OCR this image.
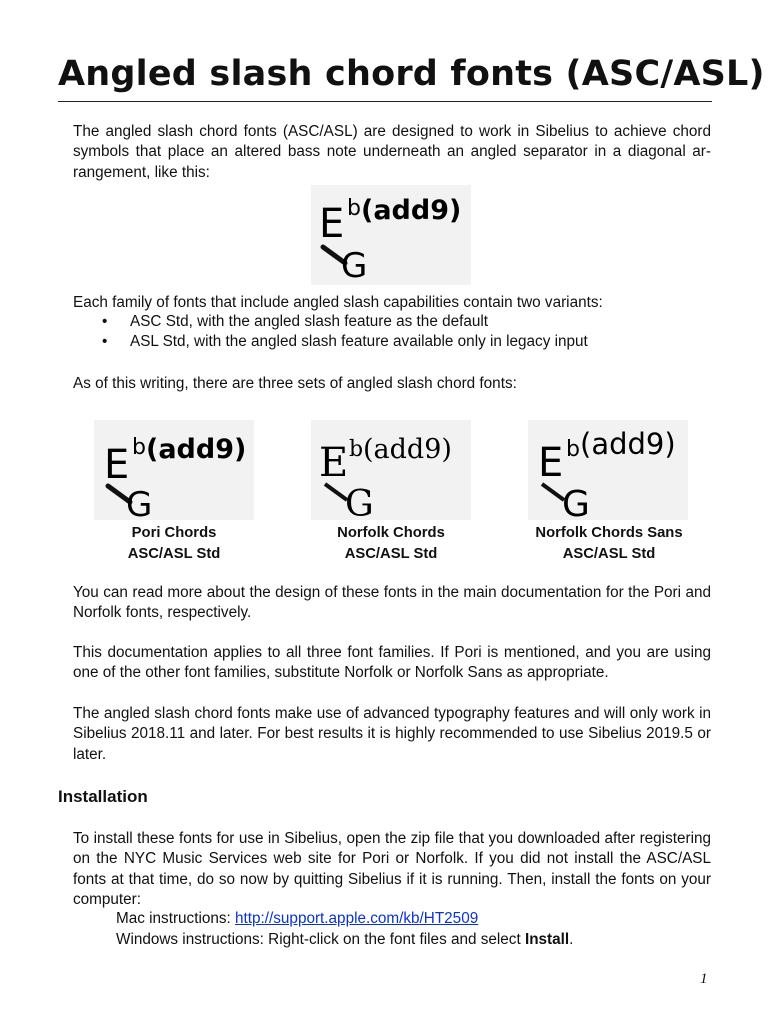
Angled slash chord fonts (ASC/ASL)

The angled slash chord fonts (ASC/ASL) are designed to work in Sibelius to achieve chord symbols that place an altered bass note underneath an angled separator in a diagonal arrangement, like this:

E b (add9)
G

Each family of fonts that include angled slash capabilities contain two variants:

• ASC Std, with the angled slash feature as the default
• ASL Std, with the angled slash feature available only in legacy input

As of this writing, there are three sets of angled slash chord fonts:

E b (add9)
G
E b (add9)
G
E b (add9)
G
Pori Chords
ASC/ASL Std
Norfolk Chords
ASC/ASL Std
Norfolk Chords Sans
ASC/ASL Std

You can read more about the design of these fonts in the main documentation for the Pori and Norfolk fonts, respectively.

This documentation applies to all three font families. If Pori is mentioned, and you are using one of the other font families, substitute Norfolk or Norfolk Sans as appropriate.

The angled slash chord fonts make use of advanced typography features and will only work in Sibelius 2018.11 and later. For best results it is highly recommended to use Sibelius 2019.5 or later.

Installation

To install these fonts for use in Sibelius, open the zip file that you downloaded after registering on the NYC Music Services web site for Pori or Norfolk. If you did not install the ASC/ASL fonts at that time, do so now by quitting Sibelius if it is running. Then, install the fonts on your computer:

Mac instructions: http://support.apple.com/kb/HT2509

Windows instructions: Right-click on the font files and select Install.

1
